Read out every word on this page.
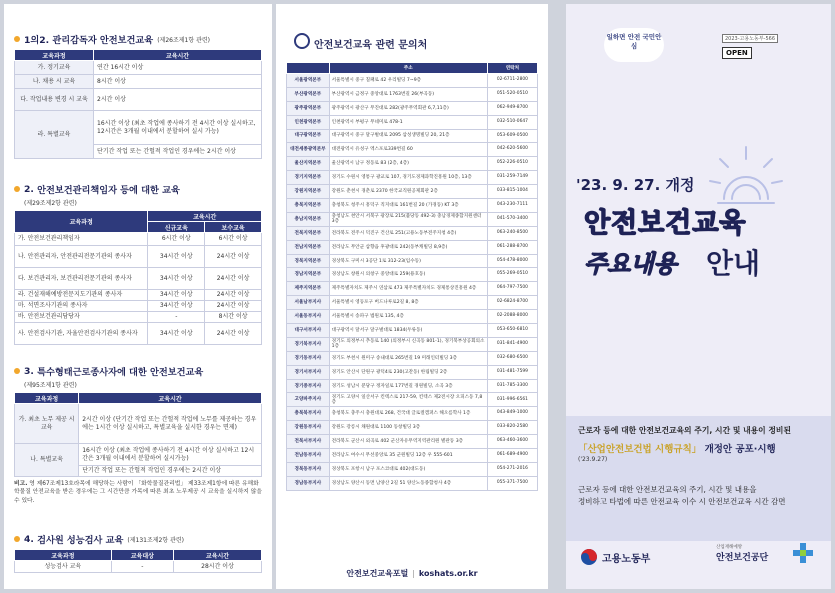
1의2.
관리감독자 안전보건교육 (제26조제1항 관련)
교육과정	교육시간
가. 정기교육	연간 16시간 이상
나. 채용 시 교육	8시간 이상
다. 작업내용 변경 시 교육	2시간 이상
라. 특별교육	16시간 이상 (최초 작업에 종사하기 전 4시간 이상 실시하고, 12시간은 3개월 이내에서 분할하여 실시 가능)
	단기간 작업 또는 간헐적 작업인 경우에는 2시간 이상
2.
안전보건관리책임자 등에 대한 교육
(제29조제2항 관련)
교육과정	교육시간	
	신규교육	보수교육
가. 안전보건관리책임자	6시간 이상	6시간 이상
나. 안전관리자, 안전관리전문기관의 종사자	34시간 이상	24시간 이상
다. 보건관리자, 보건관리전문기관의 종사자	34시간 이상	24시간 이상
라. 건설재해예방전문지도기관의 종사자	34시간 이상	24시간 이상
마. 석면조사기관의 종사자	34시간 이상	24시간 이상
바. 안전보건관리담당자	-	8시간 이상
사. 안전검사기관, 자율안전검사기관의 종사자	34시간 이상	24시간 이상
3.
특수형태근로종사자에 대한 안전보건교육
(제95조제1항 관련)
교육과정	교육시간
가. 최초 노무 제공 시 교육	2시간 이상 (단기간 작업 또는 간헐적 작업에 노무를 제공하는 경우에는 1시간 이상 실시하고, 특별교육을 실시한 경우는 면제)
나. 특별교육	16시간 이상 (최초 작업에 종사하기 전 4시간 이상 실시하고 12시간은 3개월 이내에서 분할하여 실시가능)
	단기간 작업 또는 간헐적 작업인 경우에는 2시간 이상
비고. 영 제67조제13호라목에 해당하는 사람이 「화학물질관리법」 제33조제1항에 따른 유해화학물질 안전교육을 받은 경우에는 그 시간만큼 가목에 따른 최초 노무제공 시 교육을 실시하지 않을 수 있다.
4.
검사원 성능검사 교육 (제131조제2항 관련)
교육과정	교육대상	교육시간
성능검사 교육	-	28시간 이상
안전보건교육 관련 문의처
	주소	연락처
서울광역본부	서울특별시 중구 칠패로 42 우리빌딩 7~9층	02-6711-2800
부산광역본부	부산광역시 금정구 중앙대로 1763번길 26(부곡동)	051-520-0510
광주광역본부	광주광역시 광산구 무진대로 282(광주무역회관 6,7,11층)	062-949-8700
인천광역본부	인천광역시 부평구 무네미로 478-1	032-510-0647
대구광역본부	대구광역시 중구 달구벌대로 2095 삼성생명빌딩 20, 21층	053-609-0500
대전세종광역본부	대전광역시 유성구 엑스포로339번길 60	042-620-5600
울산지역본부	울산광역시 남구 정동로 83 (2층, 4층)	052-226-0510
경기지역본부	경기도 수원시 영통구 광교로 107, 경기도경제과학진흥원 10층, 13층	031-259-7149
강원지역본부	강원도 춘천시 경춘로 2370 한국교직원공제회관 2층	033-815-1004
충북지역본부	충청북도 청주시 흥덕구 직지대로 161번길 20 (가경동) KT 3층	043-230-7111
충남지역본부	충청남도 천안시 서북구 광장로 215(불당동 492-3) 충남경제종합지원센터 3층	041-570-3400
전북지역본부	전라북도 전주시 덕진구 건산로 251(고용노동부전주지청 4층)	063-240-8500
전남지역본부	전라남도 무안군 삼향읍 후광대로 242(동부캐빌딩 8,9층)	061-288-8700
경북지역본부	경상북도 구미시 3공단 1로 312-23(임수동)	054-478-8000
경남지역본부	경상남도 창원시 의창구 중앙대로 259(용호동)	055-269-0510
제주지역본부	제주특별자치도 제주시 연삼로 473 제주특별자치도 경제통상진흥원 4층	064-797-7500
서울남부지사	서울특별시 영등포구 버드나루로2길 8, 8층	02-6824-8700
서울동부지사	서울특별시 송파구 법원로 135, 4층	02-2088-8000
대구서부지사	대구광역시 달서구 달구벌대로 1834(두류동)	053-650-6810
경기북부지사	경기도 의정부시 추동로 140 (의정부시 신곡동 801-1), 경기북부상공회의소 1층	031-841-4900
경기동부지사	경기도 부천시 원미구 송내대로 265번길 19 미래인터빌딩 3층	032-680-6500
경기서부지사	경기도 안산시 단원구 광덕4로 230(고잔동) 한림빌딩 2층	031-481-7599
경기중부지사	경기도 성남시 분당구 정자일로 177번길 경원빌딩, 소곡 3층	031-785-3300
고양파주지사	경기도 고양시 일산서구 킨텍스로 217-59, 킨텍스 제2전시장 오피스동 7,8층	031-996-6561
충북북부지사	충청북도 충주시 충원대로 268, 건국대 글로컬캠퍼스 해오름학사 1층	043-849-1000
강원동부지사	강원도 강릉시 채원대로 1100 동창빌딩 3층	033-820-2580
전북서부지사	전라북도 군산시 외곡로 402 군산자유무역지역관리원 별관동 3층	063-460-3600
전남동부지사	전라남도 여수시 무선중앙로 35 군원빌딩 12층 우 555-601	061-689-4900
경북동부지사	경상북도 포항시 남구 포스코대로 402(대도동)	054-271-2016
경남동부지사	경상남도 양산시 동면 남양산 2길 51 양산노동종합청사 4층	055-371-7500
안전보건교육포털 | koshats.or.kr
일하면 안전 국민안심
2023-고용노동부-566
OPEN
'23. 9. 27. 개정
안전보건교육
주요내용 안내
근로자 등에 대한 안전보건교육의 주기, 시간 및 내용이 정비된
「산업안전보건법 시행규칙」 개정안 공포·시행
('23.9.27)
근로자 등에 대한 안전보건교육의 주기, 시간 및 내용을
정비하고 타법에 따른 안전교육 이수 시 안전보건교육 시간 감면
고용노동부
산업재해예방
안전보건공단
